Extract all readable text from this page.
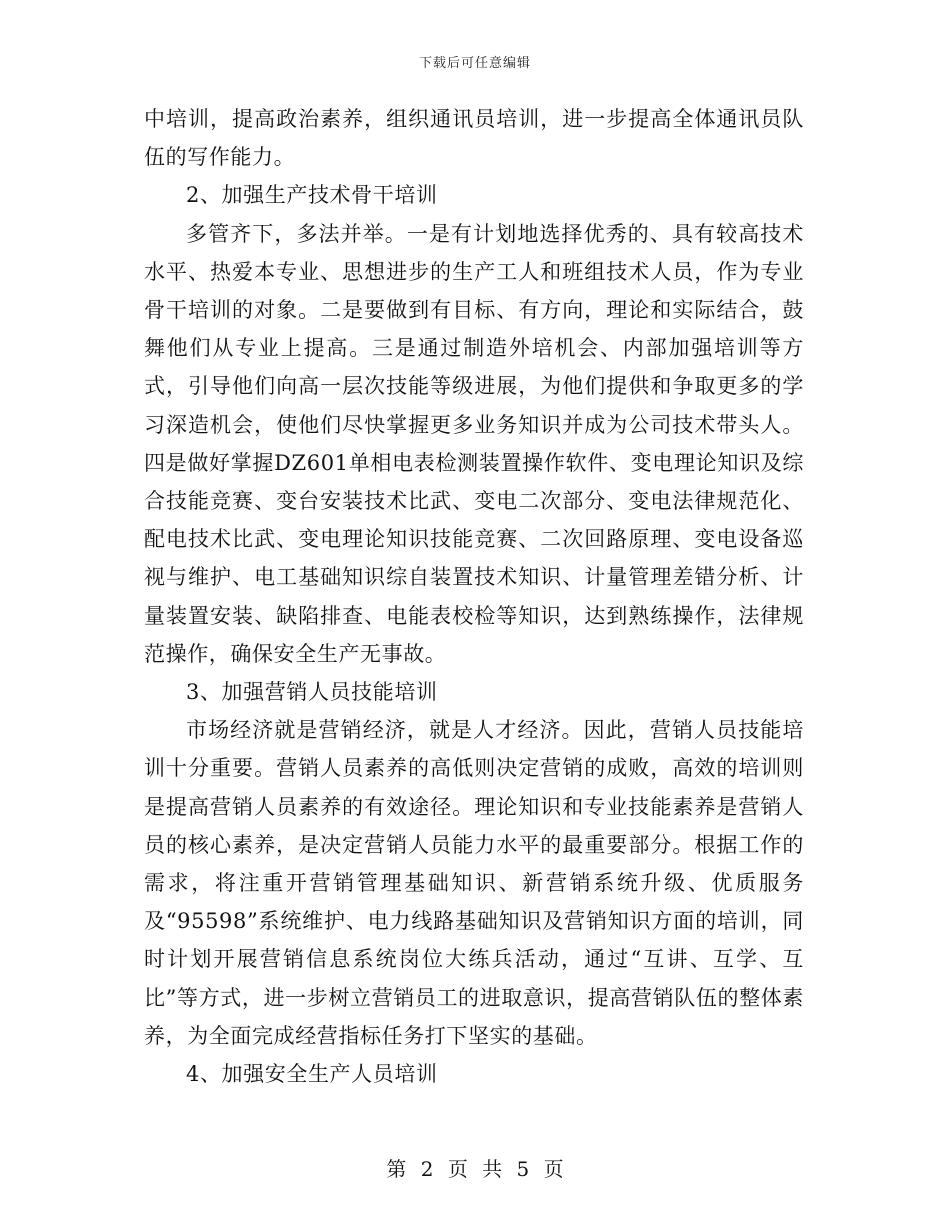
下载后可任意编辑

中培训，提高政治素养，组织通讯员培训，进一步提高全体通讯员队伍的写作能力。

2、加强生产技术骨干培训

多管齐下，多法并举。一是有计划地选择优秀的、具有较高技术水平、热爱本专业、思想进步的生产工人和班组技术人员，作为专业骨干培训的对象。二是要做到有目标、有方向，理论和实际结合，鼓舞他们从专业上提高。三是通过制造外培机会、内部加强培训等方式，引导他们向高一层次技能等级进展，为他们提供和争取更多的学习深造机会，使他们尽快掌握更多业务知识并成为公司技术带头人。四是做好掌握DZ601单相电表检测装置操作软件、变电理论知识及综合技能竞赛、变台安装技术比武、变电二次部分、变电法律规范化、配电技术比武、变电理论知识技能竞赛、二次回路原理、变电设备巡视与维护、电工基础知识综自装置技术知识、计量管理差错分析、计量装置安装、缺陷排查、电能表校检等知识，达到熟练操作，法律规范操作，确保安全生产无事故。

3、加强营销人员技能培训

市场经济就是营销经济，就是人才经济。因此，营销人员技能培训十分重要。营销人员素养的高低则决定营销的成败，高效的培训则是提高营销人员素养的有效途径。理论知识和专业技能素养是营销人员的核心素养，是决定营销人员能力水平的最重要部分。根据工作的需求，将注重开营销管理基础知识、新营销系统升级、优质服务及“95598”系统维护、电力线路基础知识及营销知识方面的培训，同时计划开展营销信息系统岗位大练兵活动，通过“互讲、互学、互比”等方式，进一步树立营销员工的进取意识，提高营销队伍的整体素养，为全面完成经营指标任务打下坚实的基础。

4、加强安全生产人员培训

第 2 页 共 5 页
